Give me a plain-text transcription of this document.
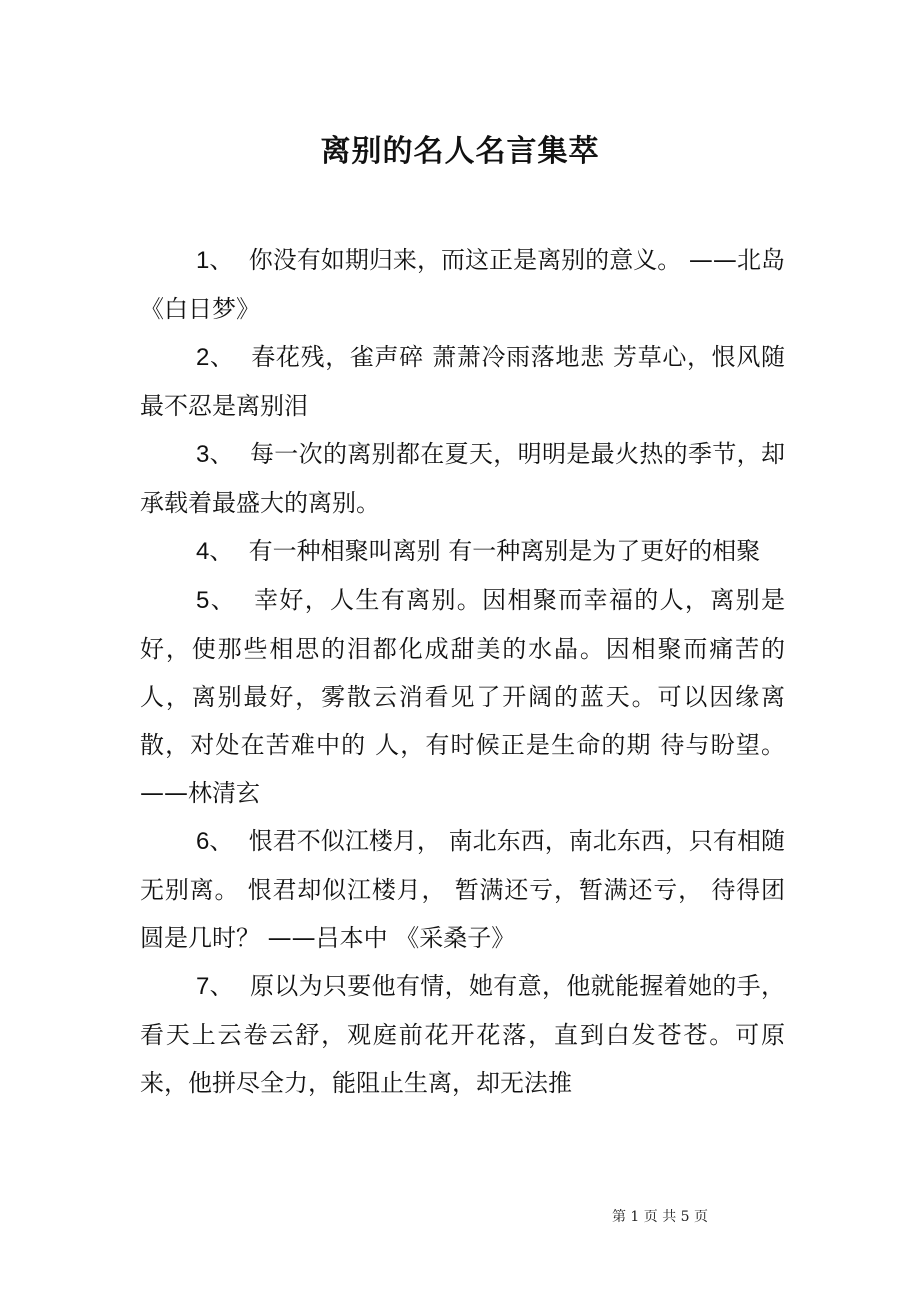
离别的名人名言集萃

1、  你没有如期归来，而这正是离别的意义。 ——北岛 《白日梦》

2、  春花残，雀声碎 萧萧冷雨落地悲 芳草心，恨风随 最不忍是离别泪

3、  每一次的离别都在夏天，明明是最火热的季节，却承载着最盛大的离别。

4、  有一种相聚叫离别 有一种离别是为了更好的相聚

5、  幸好，人生有离别。因相聚而幸福的人，离别是好，使那些相思的泪都化成甜美的水晶。因相聚而痛苦的人，离别最好，雾散云消看见了开阔的蓝天。可以因缘离散，对处在苦难中的 人，有时候正是生命的期 待与盼望。 ——林清玄

6、  恨君不似江楼月， 南北东西，南北东西，只有相随无别离。 恨君却似江楼月， 暂满还亏，暂满还亏， 待得团圆是几时？ ——吕本中 《采桑子》

7、  原以为只要他有情，她有意，他就能握着她的手，看天上云卷云舒，观庭前花开花落，直到白发苍苍。可原来，他拼尽全力，能阻止生离，却无法推

第 1 页 共 5 页
